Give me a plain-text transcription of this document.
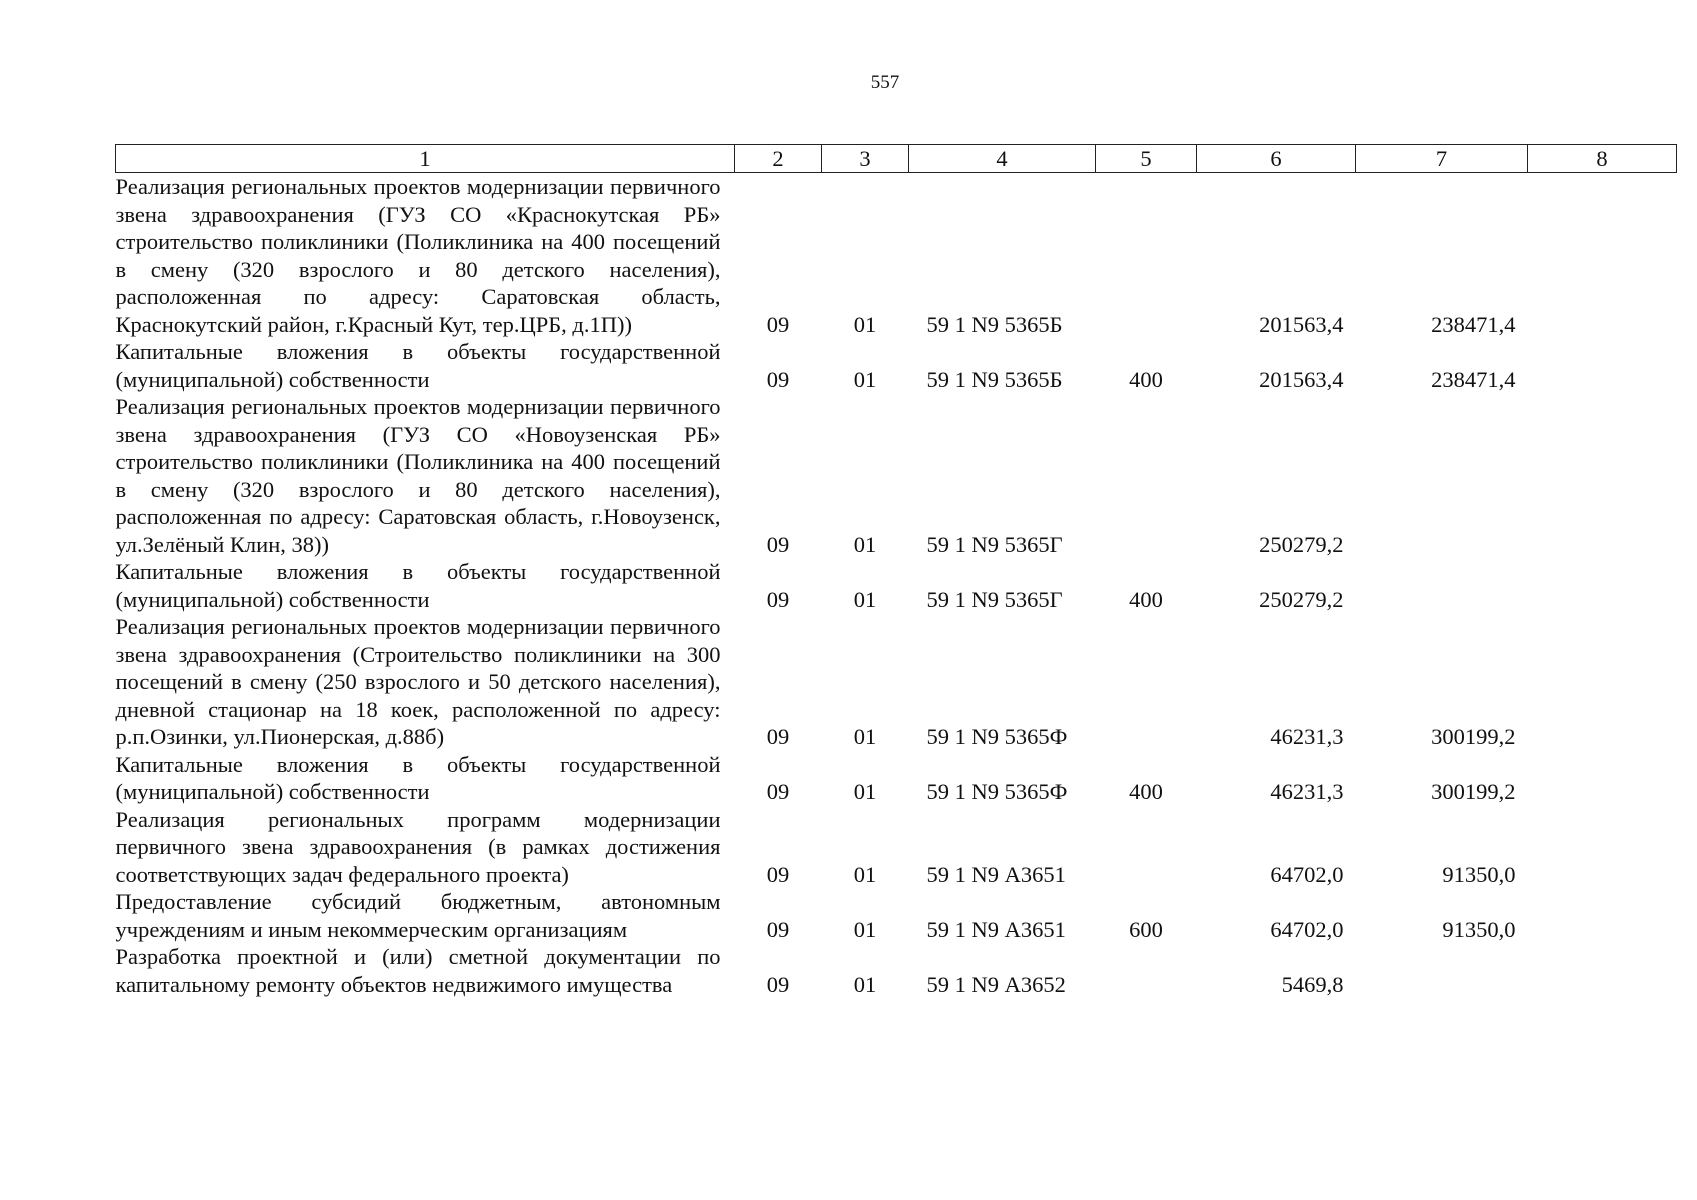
557
1	2	3	4	5	6	7	8
Реализация региональных проектов модернизации первичного звена здравоохранения (ГУЗ СО «Краснокутская РБ» строительство поликлиники (Поликлиника на 400 посещений в смену (320 взрослого и 80 детского населения), расположенная по адресу: Саратовская область, Краснокутский район, г.Красный Кут, тер.ЦРБ, д.1П))	09	01	59 1 N9 5365Б		201563,4	238471,4	
Капитальные вложения в объекты государственной (муниципальной) собственности	09	01	59 1 N9 5365Б	400	201563,4	238471,4	
Реализация региональных проектов модернизации первичного звена здравоохранения (ГУЗ СО «Новоузенская РБ» строительство поликлиники (Поликлиника на 400 посещений в смену (320 взрослого и 80 детского населения), расположенная по адресу: Саратовская область, г.Новоузенск, ул.Зелёный Клин, 38))	09	01	59 1 N9 5365Г		250279,2		
Капитальные вложения в объекты государственной (муниципальной) собственности	09	01	59 1 N9 5365Г	400	250279,2		
Реализация региональных проектов модернизации первичного звена здравоохранения (Строительство поликлиники на 300 посещений в смену (250 взрослого и 50 детского населения), дневной стационар на 18 коек, расположенной по адресу: р.п.Озинки, ул.Пионерская, д.88б)	09	01	59 1 N9 5365Ф		46231,3	300199,2	
Капитальные вложения в объекты государственной (муниципальной) собственности	09	01	59 1 N9 5365Ф	400	46231,3	300199,2	
Реализация региональных программ модернизации первичного звена здравоохранения (в рамках достижения соответствующих задач федерального проекта)	09	01	59 1 N9 А3651		64702,0	91350,0	
Предоставление субсидий бюджетным, автономным учреждениям и иным некоммерческим организациям	09	01	59 1 N9 А3651	600	64702,0	91350,0	
Разработка проектной и (или) сметной документации по капитальному ремонту объектов недвижимого имущества	09	01	59 1 N9 А3652		5469,8		
